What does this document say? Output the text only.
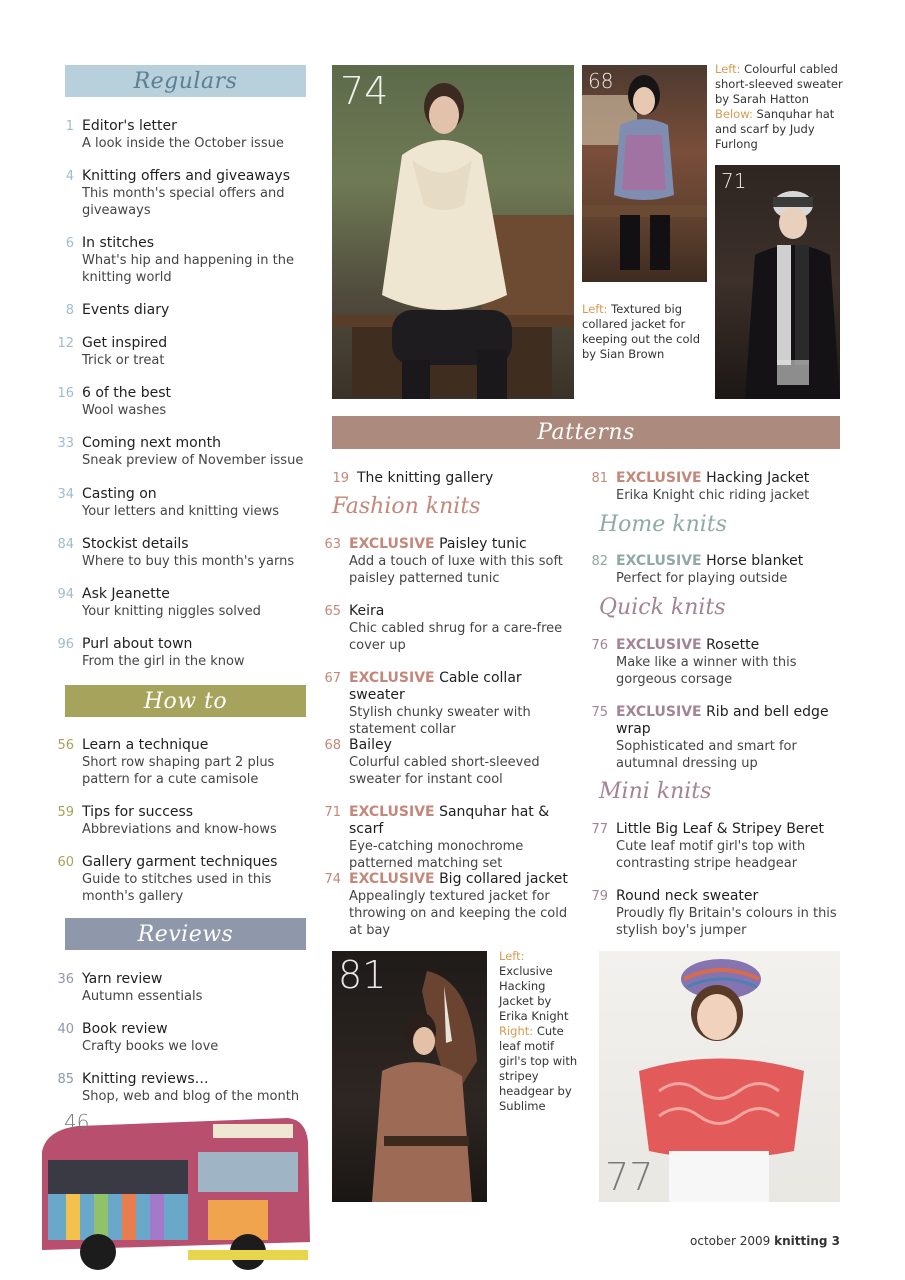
Regulars
How to
Reviews
Patterns
1 Editor's letter
A look inside the October issue
4 Knitting offers and giveaways
This month's special offers and giveaways
6 In stitches
What's hip and happening in the knitting world
8 Events diary
12 Get inspired
Trick or treat
16 6 of the best
Wool washes
33 Coming next month
Sneak preview of November issue
34 Casting on
Your letters and knitting views
84 Stockist details
Where to buy this month's yarns
94 Ask Jeanette
Your knitting niggles solved
96 Purl about town
From the girl in the know
56 Learn a technique
Short row shaping part 2 plus pattern for a cute camisole
59 Tips for success
Abbreviations and know-hows
60 Gallery garment techniques
Guide to stitches used in this month's gallery
36 Yarn review
Autumn essentials
40 Book review
Crafty books we love
85 Knitting reviews…
Shop, web and blog of the month
19 The knitting gallery
Fashion knits
63 EXCLUSIVE Paisley tunic
Add a touch of luxe with this soft paisley patterned tunic
65 Keira
Chic cabled shrug for a care-free cover up
67 EXCLUSIVE Cable collar sweater
Stylish chunky sweater with statement collar
68 Bailey
Colurful cabled short-sleeved sweater for instant cool
71 EXCLUSIVE Sanquhar hat & scarf
Eye-catching monochrome patterned matching set
74 EXCLUSIVE Big collared jacket
Appealingly textured jacket for throwing on and keeping the cold at bay
81 EXCLUSIVE Hacking Jacket
Erika Knight chic riding jacket
Home knits
82 EXCLUSIVE Horse blanket
Perfect for playing outside
Quick knits
76 EXCLUSIVE Rosette
Make like a winner with this gorgeous corsage
75 EXCLUSIVE Rib and bell edge wrap
Sophisticated and smart for autumnal dressing up
Mini knits
77 Little Big Leaf & Stripey Beret
Cute leaf motif girl's top with contrasting stripe headgear
79 Round neck sweater
Proudly fly Britain's colours in this stylish boy's jumper
74	68
71
81
77
46
Left: Colourful cabled short-sleeved sweater by Sarah Hatton
Below: Sanquhar hat and scarf by Judy Furlong
Left: Textured big collared jacket for keeping out the cold by Sian Brown
Left: Exclusive Hacking Jacket by Erika Knight
Right: Cute leaf motif girl's top with stripey headgear by Sublime
october 2009 knitting 3
